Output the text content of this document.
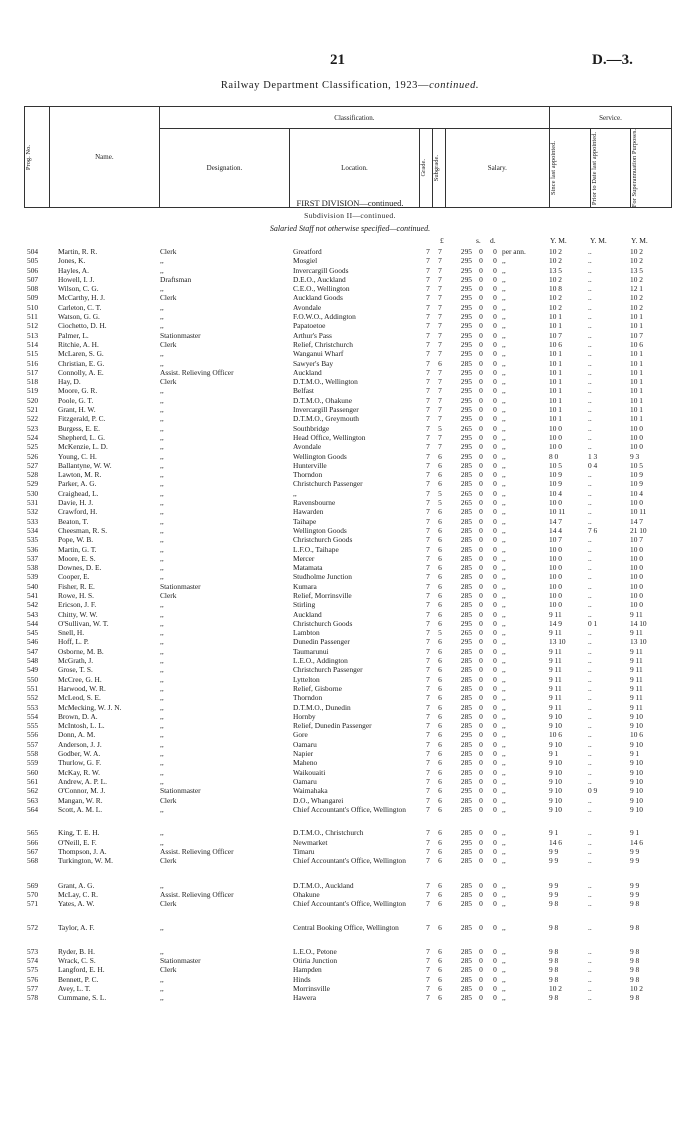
21	D.—3.
Railway Department Classification, 1923—continued.
Prog. No.	Name.	Classification.					Service.		
		Designation.	Location.	Grade.	Subgrade.	Salary.	Since last appointed.	Prior to Date last appointed.	For Superannuation Purposes.
FIRST DIVISION—continued.
Subdivision II—continued.
Salaried Staff not otherwise specified—continued.
£	s. d.	Y. M.	Y. M.	Y. M.
504	Martin, R. R.	Clerk	Greatford	7 7	295 0	0 per ann.	10 2	..	10 2
505	Jones, K.	,,	Mosgiel	7 7	295 0	0 ,,	10 2	..	10 2
506	Hayles, A.	,,	Invercargill Goods	7 7	295 0	0 ,,	13 5	..	13 5
507	Howell, I. J.	Draftsman	D.E.O., Auckland	7 7	295 0	0 ,,	10 2	..	10 2
508	Wilson, C. G.	,,	C.E.O., Wellington	7 7	295 0	0 ,,	10 8	..	12 1
509	McCarthy, H. J.	Clerk	Auckland Goods	7 7	295 0	0 ,,	10 2	..	10 2
510	Carleton, C. T.	,,	Avondale	7 7	295 0	0 ,,	10 2	..	10 2
511	Watson, G. G.	,,	F.O.W.O., Addington	7 7	295 0	0 ,,	10 1	..	10 1
512	Ciochetto, D. H.	,,	Papatoetoe	7 7	295 0	0 ,,	10 1	..	10 1
513	Palmer, L.	Stationmaster	Arthur's Pass	7 7	295 0	0 ,,	10 7	..	10 7
514	Ritchie, A. H.	Clerk	Relief, Christchurch	7 7	295 0	0 ,,	10 6	..	10 6
515	McLaren, S. G.	,,	Wanganui Wharf	7 7	295 0	0 ,,	10 1	..	10 1
516	Christian, E. G.	,,	Sawyer's Bay	7 6	285 0	0 ,,	10 1	..	10 1
517	Connolly, A. E.	Assist. Relieving Officer	Auckland	7 7	295 0	0 ,,	10 1	..	10 1
518	Hay, D.	Clerk	D.T.M.O., Wellington	7 7	295 0	0 ,,	10 1	..	10 1
519	Moore, G. R.	,,	Belfast	7 7	295 0	0 ,,	10 1	..	10 1
520	Poole, G. T.	,,	D.T.M.O., Ohakune	7 7	295 0	0 ,,	10 1	..	10 1
521	Grant, H. W.	,,	Invercargill Passenger	7 7	295 0	0 ,,	10 1	..	10 1
522	Fitzgerald, P. C.	,,	D.T.M.O., Greymouth	7 7	295 0	0 ,,	10 1	..	10 1
523	Burgess, E. E.	,,	Southbridge	7 5	265 0	0 ,,	10 0	..	10 0
524	Shepherd, L. G.	,,	Head Office, Wellington	7 7	295 0	0 ,,	10 0	..	10 0
525	McKenzie, L. D.	,,	Avondale	7 7	295 0	0 ,,	10 0	..	10 0
526	Young, C. H.	,,	Wellington Goods	7 6	295 0	0 ,,	8 0	1 3	9 3
527	Ballantyne, W. W.	,,	Hunterville	7 6	285 0	0 ,,	10 5	0 4	10 5
528	Lawton, M. R.	,,	Thorndon	7 6	285 0	0 ,,	10 9	..	10 9
529	Parker, A. G.	,,	Christchurch Passenger	7 6	285 0	0 ,,	10 9	..	10 9
530	Craighead, L.	,,	,,	7 5	265 0	0 ,,	10 4	..	10 4
531	Davie, H. J.	,,	Ravensbourne	7 5	265 0	0 ,,	10 0	..	10 0
532	Crawford, H.	,,	Hawarden	7 6	285 0	0 ,,	10 11	..	10 11
533	Beaton, T.	,,	Taihape	7 6	285 0	0 ,,	14 7	..	14 7
534	Cheesman, R. S.	,,	Wellington Goods	7 6	285 0	0 ,,	14 4	7 6	21 10
535	Pope, W. B.	,,	Christchurch Goods	7 6	285 0	0 ,,	10 7	..	10 7
536	Martin, G. T.	,,	L.F.O., Taihape	7 6	285 0	0 ,,	10 0	..	10 0
537	Moore, E. S.	,,	Mercer	7 6	285 0	0 ,,	10 0	..	10 0
538	Downes, D. E.	,,	Matamata	7 6	285 0	0 ,,	10 0	..	10 0
539	Cooper, E.	,,	Studholme Junction	7 6	285 0	0 ,,	10 0	..	10 0
540	Fisher, R. E.	Stationmaster	Kumara	7 6	285 0	0 ,,	10 0	..	10 0
541	Rowe, H. S.	Clerk	Relief, Morrinsville	7 6	285 0	0 ,,	10 0	..	10 0
542	Ericson, J. F.	,,	Stirling	7 6	285 0	0 ,,	10 0	..	10 0
543	Chitty, W. W.	,,	Auckland	7 6	285 0	0 ,,	9 11	..	9 11
544	O'Sullivan, W. T.	,,	Christchurch Goods	7 6	295 0	0 ,,	14 9	0 1	14 10
545	Snell, H.	,,	Lambton	7 5	265 0	0 ,,	9 11	..	9 11
546	Hoff, L. P.	,,	Dunedin Passenger	7 6	295 0	0 ,,	13 10	..	13 10
547	Osborne, M. B.	,,	Taumarunui	7 6	285 0	0 ,,	9 11	..	9 11
548	McGrath, J.	,,	L.E.O., Addington	7 6	285 0	0 ,,	9 11	..	9 11
549	Grose, T. S.	,,	Christchurch Passenger	7 6	285 0	0 ,,	9 11	..	9 11
550	McCree, G. H.	,,	Lyttelton	7 6	285 0	0 ,,	9 11	..	9 11
551	Harwood, W. R.	,,	Relief, Gisborne	7 6	285 0	0 ,,	9 11	..	9 11
552	McLeod, S. E.	,,	Thorndon	7 6	285 0	0 ,,	9 11	..	9 11
553	McMecking, W. J. N.	,,	D.T.M.O., Dunedin	7 6	285 0	0 ,,	9 11	..	9 11
554	Brown, D. A.	,,	Hornby	7 6	285 0	0 ,,	9 10	..	9 10
555	McIntosh, L. L.	,,	Relief, Dunedin Passenger	7 6	285 0	0 ,,	9 10	..	9 10
556	Donn, A. M.	,,	Gore	7 6	295 0	0 ,,	10 6	..	10 6
557	Anderson, J. J.	,,	Oamaru	7 6	285 0	0 ,,	9 10	..	9 10
558	Godber, W. A.	,,	Napier	7 6	285 0	0 ,,	9 1	..	9 1
559	Thurlow, G. F.	,,	Maheno	7 6	285 0	0 ,,	9 10	..	9 10
560	McKay, R. W.	,,	Waikouaiti	7 6	285 0	0 ,,	9 10	..	9 10
561	Andrew, A. P. L.	,,	Oamaru	7 6	285 0	0 ,,	9 10	..	9 10
562	O'Connor, M. J.	Stationmaster	Waimahaka	7 6	295 0	0 ,,	9 10	0 9	9 10
563	Mangan, W. R.	Clerk	D.O., Whangarei	7 6	285 0	0 ,,	9 10	..	9 10
564	Scott, A. M. L.	,,	Chief Accountant's Office, Wellington	7 6	285 0	0 ,,	9 10	..	9 10
565	King, T. E. H.	,,	D.T.M.O., Christchurch	7 6	285 0	0 ,,	9 1	..	9 1
566	O'Neill, E. F.	,,	Newmarket	7 6	295 0	0 ,,	14 6	..	14 6
567	Thompson, J. A.	Assist. Relieving Officer	Timaru	7 6	285 0	0 ,,	9 9	..	9 9
568	Turkington, W. M.	Clerk	Chief Accountant's Office, Wellington	7 6	285 0	0 ,,	9 9	..	9 9
569	Grant, A. G.	,,	D.T.M.O., Auckland	7 6	285 0	0 ,,	9 9	..	9 9
570	McLay, C. R.	Assist. Relieving Officer	Ohakune	7 6	285 0	0 ,,	9 9	..	9 9
571	Yates, A. W.	Clerk	Chief Accountant's Office, Wellington	7 6	285 0	0 ,,	9 8	..	9 8
572	Taylor, A. F.	,,	Central Booking Office, Wellington	7 6	285 0	0 ,,	9 8	..	9 8
573	Ryder, B. H.	,,	L.E.O., Petone	7 6	285 0	0 ,,	9 8	..	9 8
574	Wrack, C. S.	Stationmaster	Otiria Junction	7 6	285 0	0 ,,	9 8	..	9 8
575	Langford, E. H.	Clerk	Hampden	7 6	285 0	0 ,,	9 8	..	9 8
576	Bennett, P. C.	,,	Hinds	7 6	285 0	0 ,,	9 8	..	9 8
577	Avey, L. T.	,,	Morrinsville	7 6	285 0	0 ,,	10 2	..	10 2
578	Cummane, S. L.	,,	Hawera	7 6	285 0	0 ,,	9 8	..	9 8
